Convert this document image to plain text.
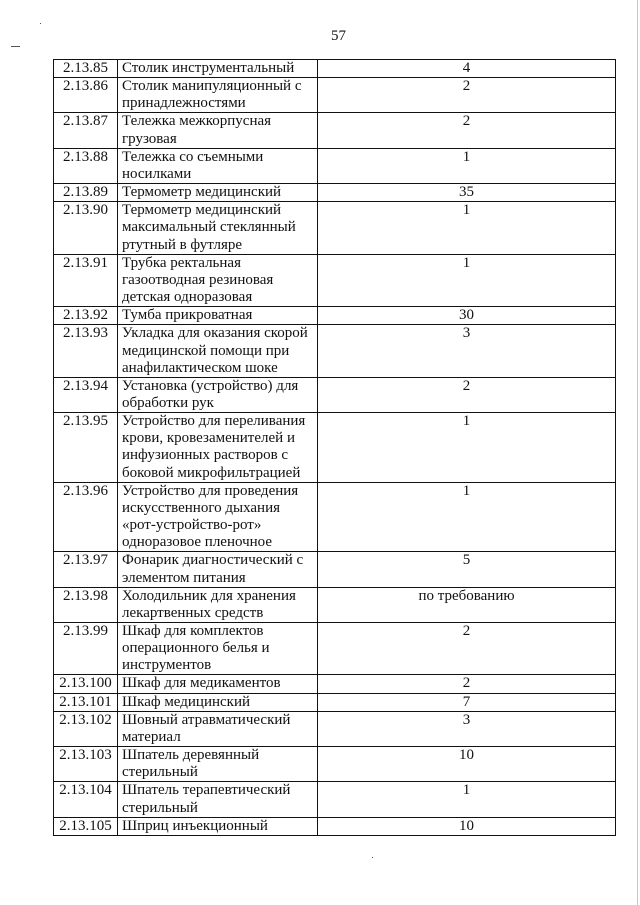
57
2.13.85	Столик инструментальный	4
2.13.86	Столик манипуляционный с
принадлежностями	2
2.13.87	Тележка межкорпусная
грузовая	2
2.13.88	Тележка со съемными
носилками	1
2.13.89	Термометр медицинский	35
2.13.90	Термометр медицинский
максимальный стеклянный
ртутный в футляре	1
2.13.91	Трубка ректальная
газоотводная резиновая
детская одноразовая	1
2.13.92	Тумба прикроватная	30
2.13.93	Укладка для оказания скорой
медицинской помощи при
анафилактическом шоке	3
2.13.94	Установка (устройство) для
обработки рук	2
2.13.95	Устройство для переливания
крови, кровезаменителей и
инфузионных растворов с
боковой микрофильтрацией	1
2.13.96	Устройство для проведения
искусственного дыхания
«рот-устройство-рот»
одноразовое пленочное	1
2.13.97	Фонарик диагностический с
элементом питания	5
2.13.98	Холодильник для хранения
лекартвенных средств	по требованию
2.13.99	Шкаф для комплектов
операционного белья и
инструментов	2
2.13.100	Шкаф для медикаментов	2
2.13.101	Шкаф медицинский	7
2.13.102	Шовный атравматический
материал	3
2.13.103	Шпатель деревянный
стерильный	10
2.13.104	Шпатель терапевтический
стерильный	1
2.13.105	Шприц инъекционный	10
